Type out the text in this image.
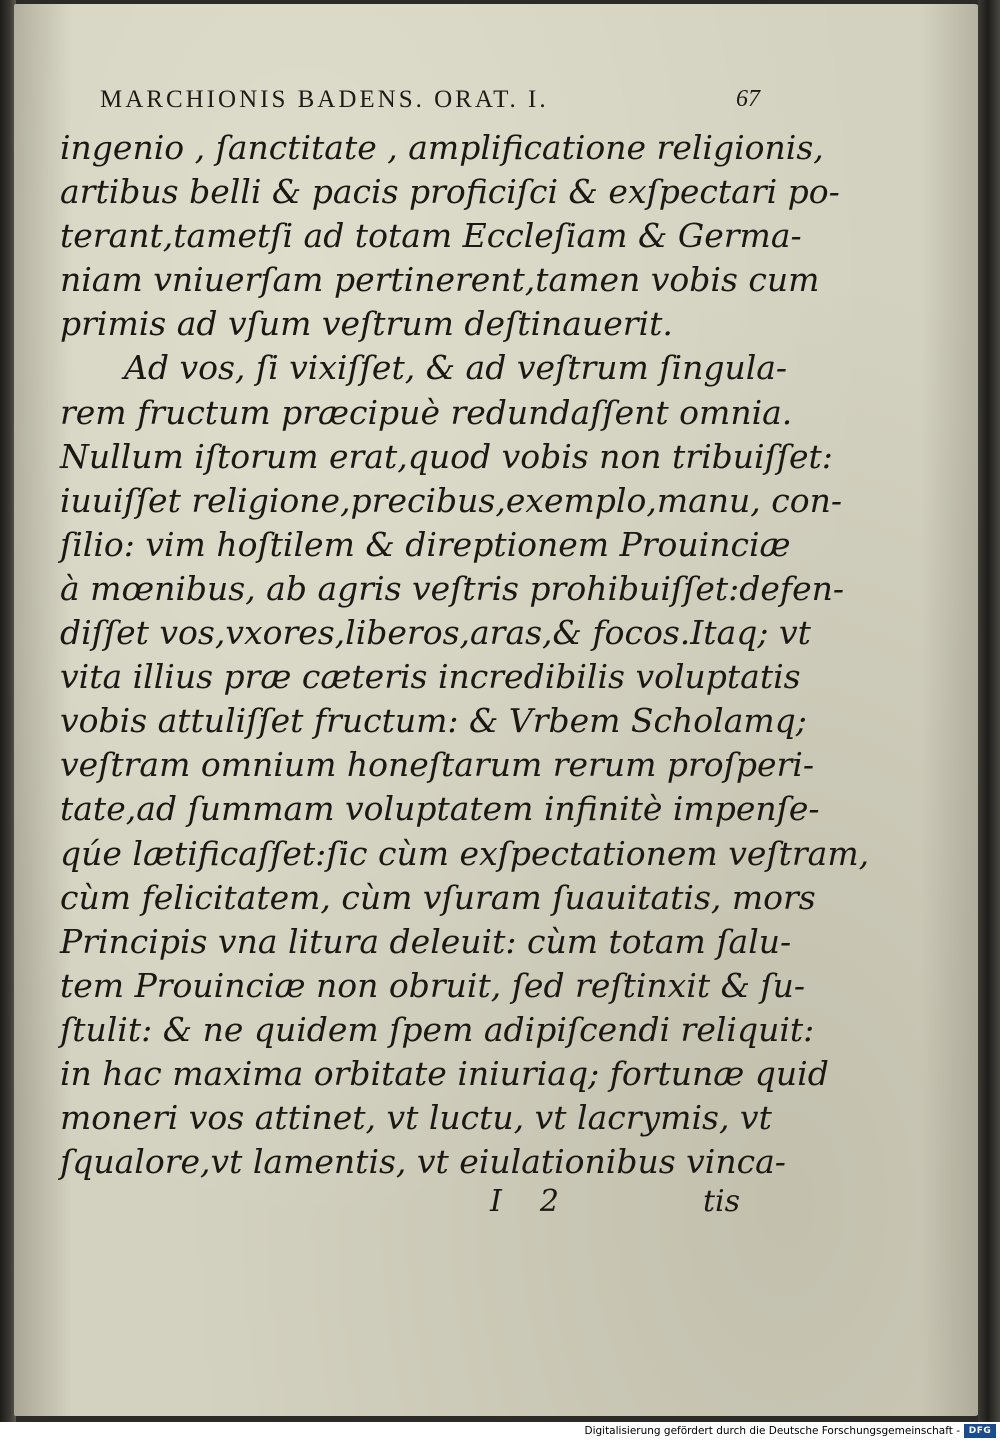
MARCHIONIS BADENS. ORAT. I.	67
ingenio , ſanctitate , amplificatione religionis,
artibus belli & pacis proficiſci & exſpectari po-
terant,tametſi ad totam Eccleſiam & Germa-
niam vniuerſam pertinerent,tamen vobis cum
primis ad vſum veſtrum deſtinauerit.
Ad vos, ſi vixiſſet, & ad veſtrum ſingula-
rem fructum præcipuè redundaſſent omnia.
Nullum iſtorum erat,quod vobis non tribuiſſet:
iuuiſſet religione,precibus,exemplo,manu, con-
ſilio: vim hoſtilem & direptionem Prouinciæ
à mœnibus, ab agris veſtris prohibuiſſet:defen-
diſſet vos,vxores,liberos,aras,& focos.Itaq; vt
vita illius præ cæteris incredibilis voluptatis
vobis attuliſſet fructum: & Vrbem Scholamq;
veſtram omnium honeſtarum rerum proſperi-
tate,ad ſummam voluptatem infinitè impenſe-
qúe lætificaſſet:ſic cùm exſpectationem veſtram,
cùm felicitatem, cùm vſuram ſuauitatis, mors
Principis vna litura deleuit: cùm totam ſalu-
tem Prouinciæ non obruit, ſed reſtinxit & ſu-
ſtulit: & ne quidem ſpem adipiſcendi reliquit:
in hac maxima orbitate iniuriaq; fortunæ quid
moneri vos attinet, vt luctu, vt lacrymis, vt
ſqualore,vt lamentis, vt eiulationibus vinca-
I 2	tis
Digitalisierung gefördert durch die Deutsche Forschungsgemeinschaft - DFG
